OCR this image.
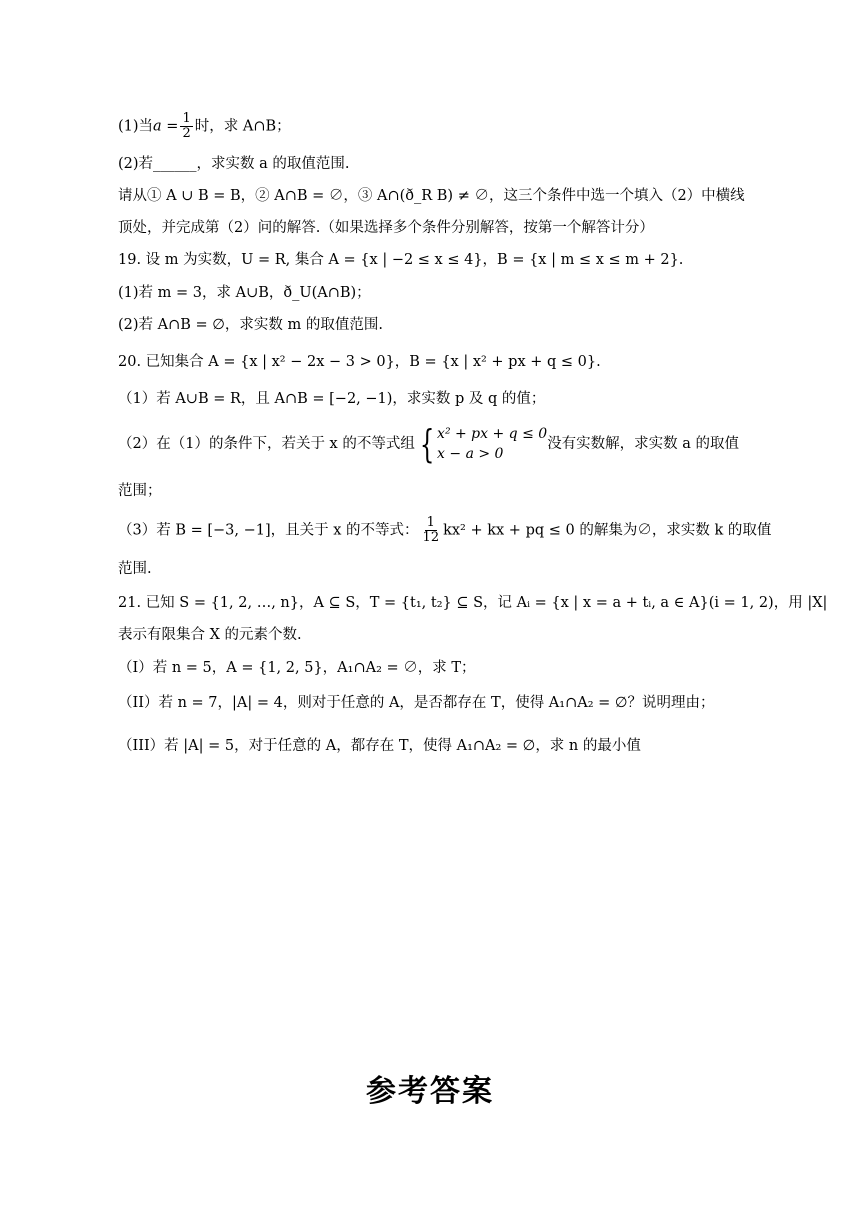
(1)当$a = \frac{1}{2}$ 时，求 A∩B；
(2)若______，求实数 a 的取值范围.
请从① A ∪ B = B，② A∩B = ∅，③ A∩(ð_R B) ≠ ∅，这三个条件中选一个填入（2）中横线
顶处，并完成第（2）问的解答.（如果选择多个条件分别解答，按第一个解答计分）
19. 设 m 为实数，U = R, 集合 A = {x | −2 ≤ x ≤ 4}，B = {x | m ≤ x ≤ m + 2}.
(1)若 m = 3，求 A∪B，ð_U(A∩B)；
(2)若 A∩B = ∅，求实数 m 的取值范围.
20. 已知集合 A = {x | x² − 2x − 3 > 0}，B = {x | x² + px + q ≤ 0}.
（1）若 A∪B = R，且 A∩B = [−2, −1)，求实数 p 及 q 的值；
（2）在（1）的条件下，若关于 x 的不等式组 { x² + px + q ≤ 0
x − a > 0
没有实数解，求实数 a 的取值
范围；
（3）若 B = [−3, −1]，且关于 x 的不等式： $\frac{1}{12} kx^2$ + kx + pq ≤ 0 的解集为∅，求实数 k 的取值
范围.
21. 已知 S = {1, 2, …, n}，A ⊆ S，T = {t₁, t₂} ⊆ S，记 Aᵢ = {x | x = a + tᵢ, a ∈ A}(i = 1, 2)，用 |X|
表示有限集合 X 的元素个数.
（I）若 n = 5，A = {1, 2, 5}，A₁∩A₂ = ∅，求 T；
（II）若 n = 7，|A| = 4，则对于任意的 A，是否都存在 T，使得 A₁∩A₂ = ∅？说明理由；
（III）若 |A| = 5，对于任意的 A，都存在 T，使得 A₁∩A₂ = ∅，求 n 的最小值
参考答案
